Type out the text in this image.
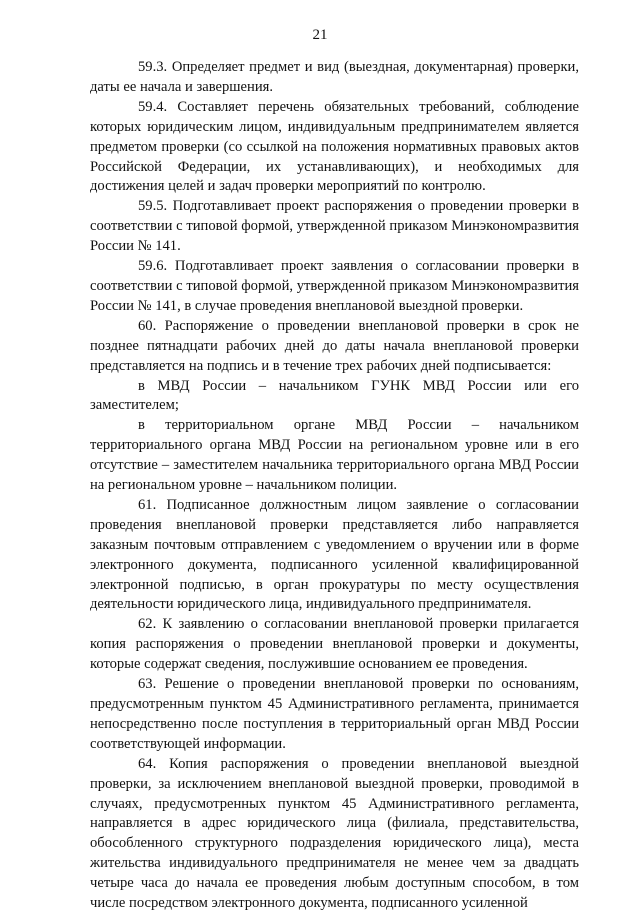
21

59.3. Определяет предмет и вид (выездная, документарная) проверки, даты ее начала и завершения.

59.4. Составляет перечень обязательных требований, соблюдение которых юридическим лицом, индивидуальным предпринимателем является предметом проверки (со ссылкой на положения нормативных правовых актов Российской Федерации, их устанавливающих), и необходимых для достижения целей и задач проверки мероприятий по контролю.

59.5. Подготавливает проект распоряжения о проведении проверки в соответствии с типовой формой, утвержденной приказом Минэкономразвития России № 141.

59.6. Подготавливает проект заявления о согласовании проверки в соответствии с типовой формой, утвержденной приказом Минэкономразвития России № 141, в случае проведения внеплановой выездной проверки.

60. Распоряжение о проведении внеплановой проверки в срок не позднее пятнадцати рабочих дней до даты начала внеплановой проверки представляется на подпись и в течение трех рабочих дней подписывается:

в МВД России – начальником ГУНК МВД России или его заместителем;

в территориальном органе МВД России – начальником территориального органа МВД России на региональном уровне или в его отсутствие – заместителем начальника территориального органа МВД России на региональном уровне – начальником полиции.

61. Подписанное должностным лицом заявление о согласовании проведения внеплановой проверки представляется либо направляется заказным почтовым отправлением с уведомлением о вручении или в форме электронного документа, подписанного усиленной квалифицированной электронной подписью, в орган прокуратуры по месту осуществления деятельности юридического лица, индивидуального предпринимателя.

62. К заявлению о согласовании внеплановой проверки прилагается копия распоряжения о проведении внеплановой проверки и документы, которые содержат сведения, послужившие основанием ее проведения.

63. Решение о проведении внеплановой проверки по основаниям, предусмотренным пунктом 45 Административного регламента, принимается непосредственно после поступления в территориальный орган МВД России соответствующей информации.

64. Копия распоряжения о проведении внеплановой выездной проверки, за исключением внеплановой выездной проверки, проводимой в случаях, предусмотренных пунктом 45 Административного регламента, направляется в адрес юридического лица (филиала, представительства, обособленного структурного подразделения юридического лица), места жительства индивидуального предпринимателя не менее чем за двадцать четыре часа до начала ее проведения любым доступным способом, в том числе посредством электронного документа, подписанного усиленной
